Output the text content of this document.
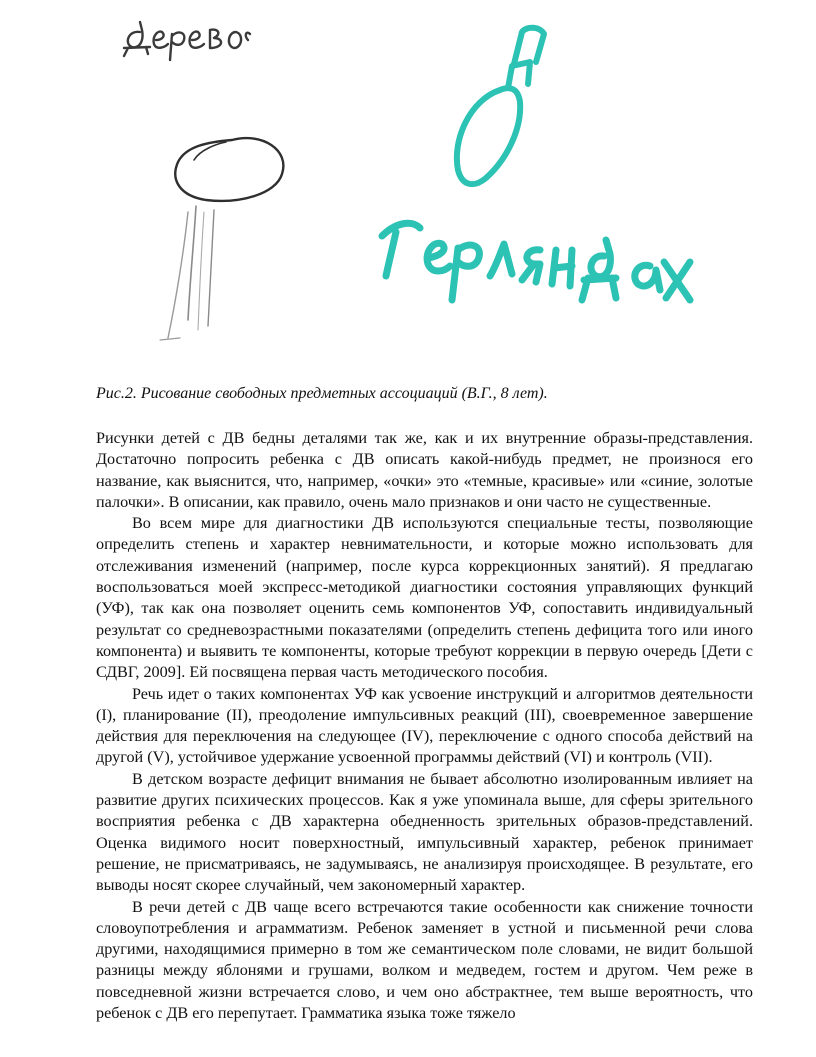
Рис.2. Рисование свободных предметных ассоциаций (В.Г., 8 лет).

Рисунки детей с ДВ бедны деталями так же, как и их внутренние образы-представления. Достаточно попросить ребенка с ДВ описать какой-нибудь предмет, не произнося его название, как выяснится, что, например, «очки» это «темные, красивые» или «синие, золотые палочки». В описании, как правило, очень мало признаков и они часто не существенные.

Во всем мире для диагностики ДВ используются специальные тесты, позволяющие определить степень и характер невнимательности, и которые можно использовать для отслеживания изменений (например, после курса коррекционных занятий). Я предлагаю воспользоваться моей экспресс-методикой диагностики состояния управляющих функций (УФ), так как она позволяет оценить семь компонентов УФ, сопоставить индивидуальный результат со средневозрастными показателями (определить степень дефицита того или иного компонента) и выявить те компоненты, которые требуют коррекции в первую очередь [Дети с СДВГ, 2009]. Ей посвящена первая часть методического пособия.

Речь идет о таких компонентах УФ как усвоение инструкций и алгоритмов деятельности (I), планирование (II), преодоление импульсивных реакций (III), своевременное завершение действия для переключения на следующее (IV), переключение с одного способа действий на другой (V), устойчивое удержание усвоенной программы действий (VI) и контроль (VII).

В детском возрасте дефицит внимания не бывает абсолютно изолированным ивлияет на развитие других психических процессов. Как я уже упоминала выше, для сферы зрительного восприятия ребенка с ДВ характерна обедненность зрительных образов-представлений. Оценка видимого носит поверхностный, импульсивный характер, ребенок принимает решение, не присматриваясь, не задумываясь, не анализируя происходящее. В результате, его выводы носят скорее случайный, чем закономерный характер.

В речи детей с ДВ чаще всего встречаются такие особенности как снижение точности словоупотребления и аграмматизм. Ребенок заменяет в устной и письменной речи слова другими, находящимися примерно в том же семантическом поле словами, не видит большой разницы между яблонями и грушами, волком и медведем, гостем и другом. Чем реже в повседневной жизни встречается слово, и чем оно абстрактнее, тем выше вероятность, что ребенок с ДВ его перепутает. Грамматика языка тоже тяжело
